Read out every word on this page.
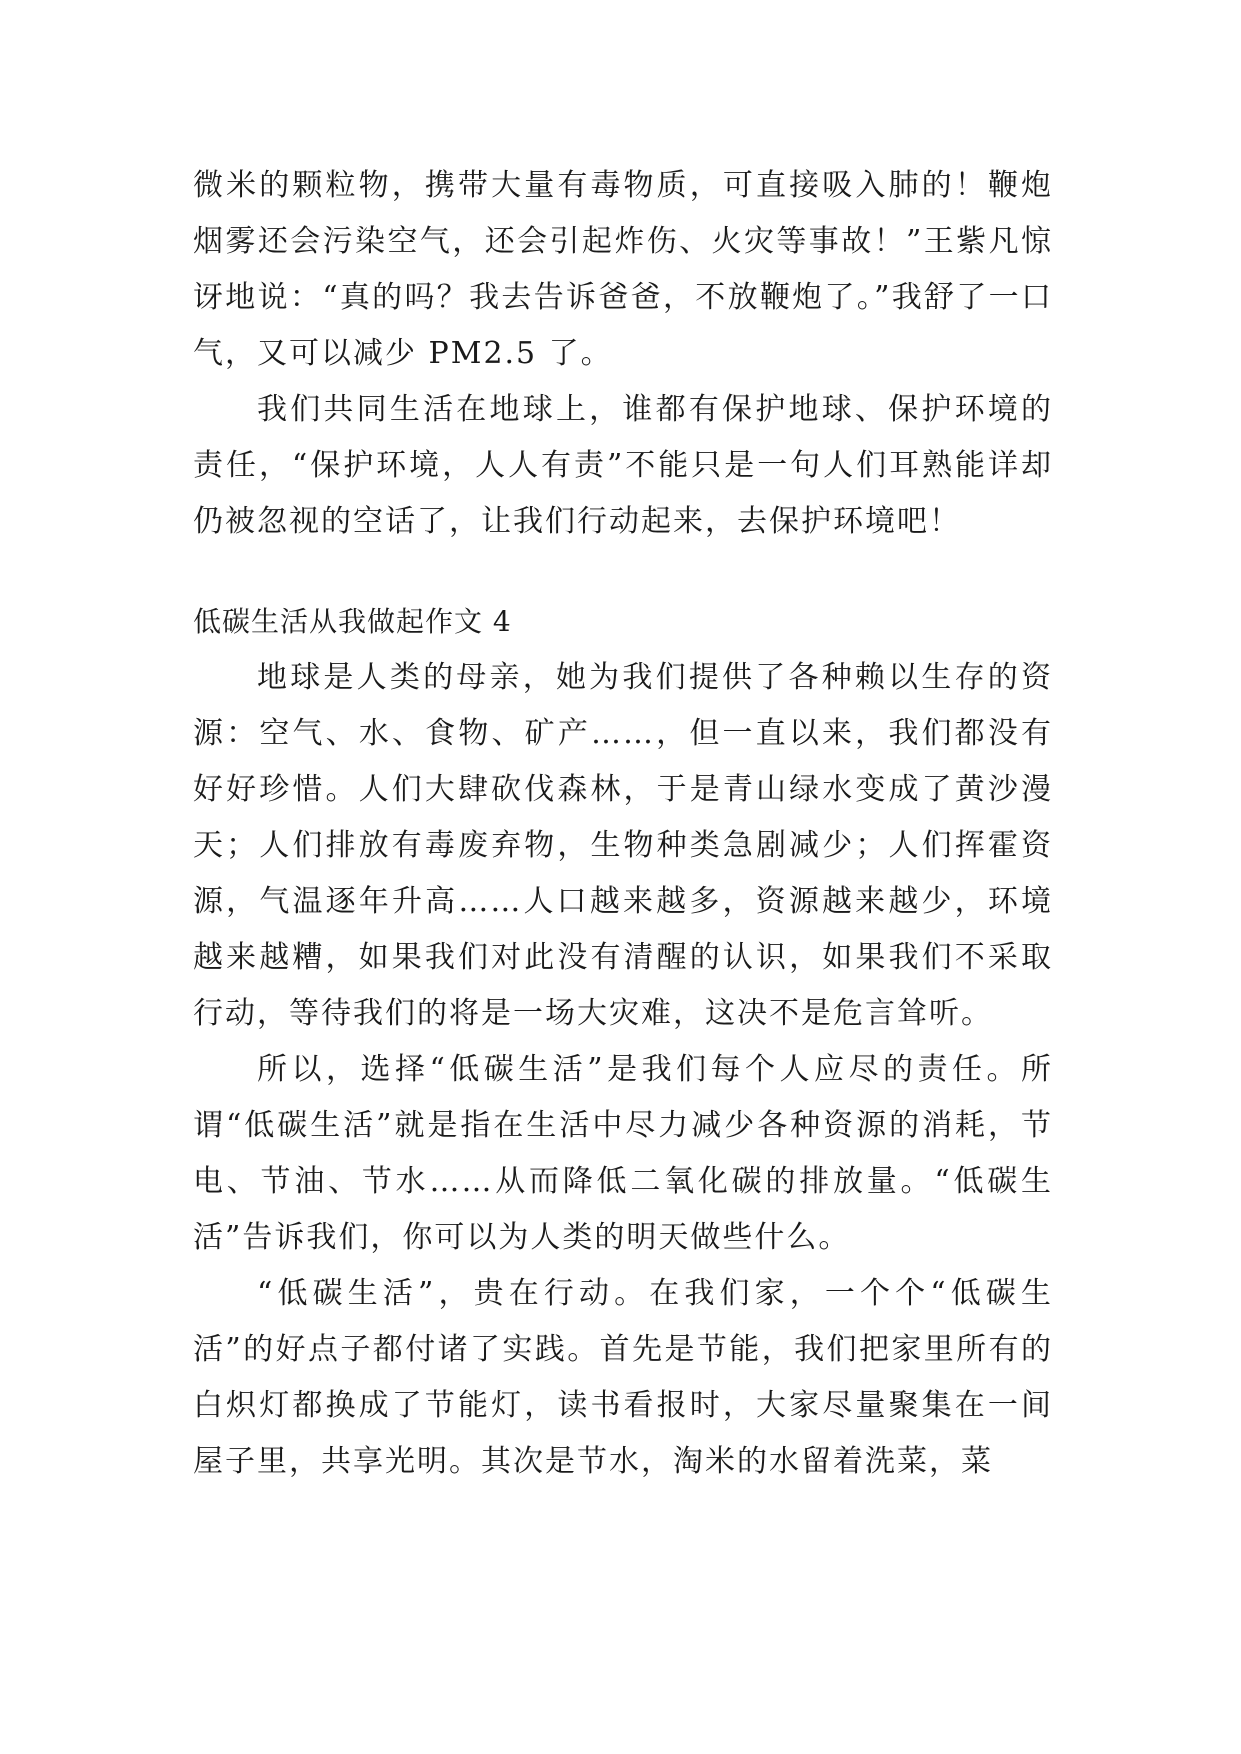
微米的颗粒物，携带大量有毒物质，可直接吸入肺的！鞭炮烟雾还会污染空气，还会引起炸伤、火灾等事故！”王紫凡惊讶地说：“真的吗？我去告诉爸爸，不放鞭炮了。”我舒了一口气，又可以减少 PM2.5 了。

我们共同生活在地球上，谁都有保护地球、保护环境的责任，“保护环境，人人有责”不能只是一句人们耳熟能详却仍被忽视的空话了，让我们行动起来，去保护环境吧！

低碳生活从我做起作文 4

地球是人类的母亲，她为我们提供了各种赖以生存的资源：空气、水、食物、矿产……，但一直以来，我们都没有好好珍惜。人们大肆砍伐森林，于是青山绿水变成了黄沙漫天；人们排放有毒废弃物，生物种类急剧减少；人们挥霍资源，气温逐年升高……人口越来越多，资源越来越少，环境越来越糟，如果我们对此没有清醒的认识，如果我们不采取行动，等待我们的将是一场大灾难，这决不是危言耸听。

所以，选择“低碳生活”是我们每个人应尽的责任。所谓“低碳生活”就是指在生活中尽力减少各种资源的消耗，节电、节油、节水……从而降低二氧化碳的排放量。“低碳生活”告诉我们，你可以为人类的明天做些什么。

“低碳生活”，贵在行动。在我们家，一个个“低碳生活”的好点子都付诸了实践。首先是节能，我们把家里所有的白炽灯都换成了节能灯，读书看报时，大家尽量聚集在一间屋子里，共享光明。其次是节水，淘米的水留着洗菜，菜
